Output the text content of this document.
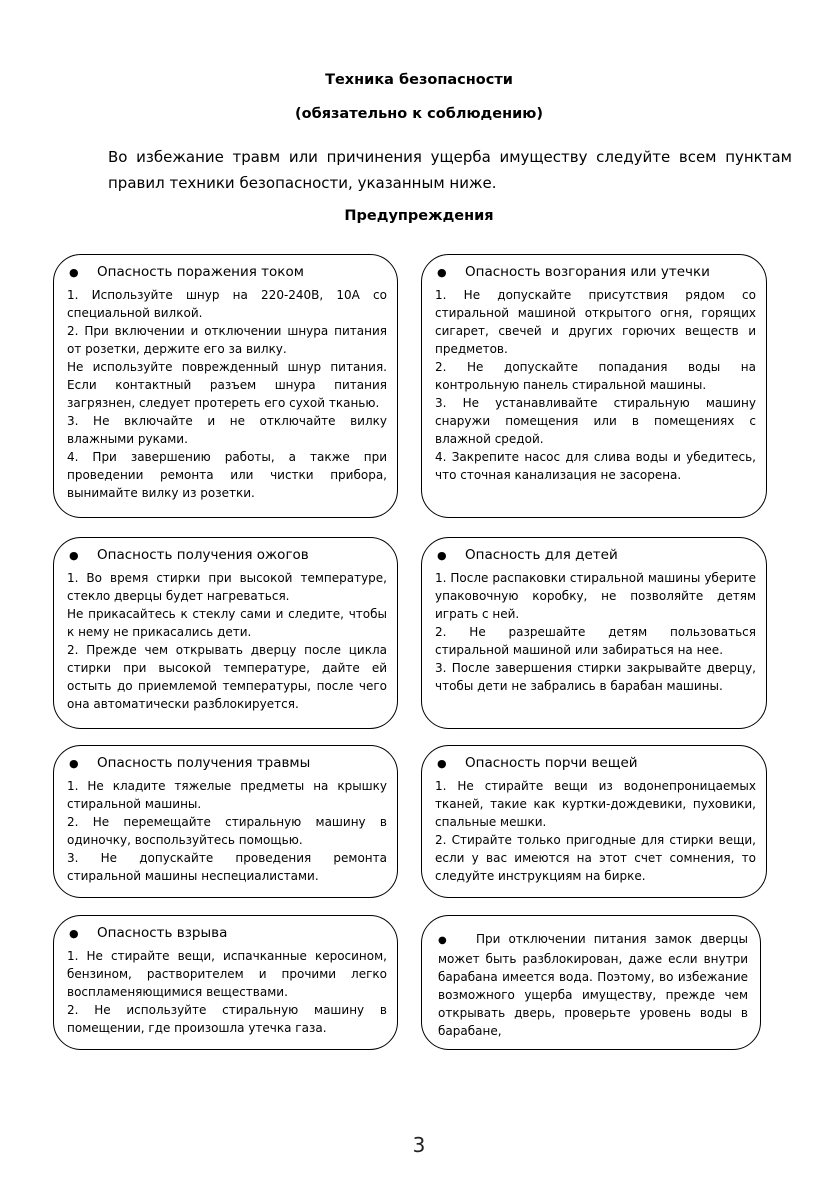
Техника безопасности
(обязательно к соблюдению)
Во избежание травм или причинения ущерба имуществу следуйте всем пунктам правил техники безопасности, указанным ниже.
Предупреждения
●	Опасность поражения током

1. Используйте шнур на 220-240В, 10А со специальной вилкой.

2. При включении и отключении шнура питания от розетки, держите его за вилку.

Не используйте поврежденный шнур питания. Если контактный разъем шнура питания загрязнен, следует протереть его сухой тканью.

3. Не включайте и не отключайте вилку влажными руками.

4. При завершению работы, а также при проведении ремонта или чистки прибора, вынимайте вилку из розетки.

●	Опасность возгорания или утечки

1. Не допускайте присутствия рядом со стиральной машиной открытого огня, горящих сигарет, свечей и других горючих веществ и предметов.

2. Не допускайте попадания воды на контрольную панель стиральной машины.

3. Не устанавливайте стиральную машину снаружи помещения или в помещениях с влажной средой.

4. Закрепите насос для слива воды и убедитесь, что сточная канализация не засорена.

●	Опасность получения ожогов

1. Во время стирки при высокой температуре, стекло дверцы будет нагреваться.

Не прикасайтесь к стеклу сами и следите, чтобы к нему не прикасались дети.

2. Прежде чем открывать дверцу после цикла стирки при высокой температуре, дайте ей остыть до приемлемой температуры, после чего она автоматически разблокируется.

●	Опасность для детей

1. После распаковки стиральной машины уберите упаковочную коробку, не позволяйте детям играть с ней.

2. Не разрешайте детям пользоваться стиральной машиной или забираться на нее.

3. После завершения стирки закрывайте дверцу, чтобы дети не забрались в барабан машины.

●	Опасность получения травмы

1. Не кладите тяжелые предметы на крышку стиральной машины.

2. Не перемещайте стиральную машину в одиночку, воспользуйтесь помощью.

3. Не допускайте проведения ремонта стиральной машины неспециалистами.

●	Опасность порчи вещей

1. Не стирайте вещи из водонепроницаемых тканей, такие как куртки-дождевики, пуховики, спальные мешки.

2. Стирайте только пригодные для стирки вещи, если у вас имеются на этот счет сомнения, то следуйте инструкциям на бирке.

●	Опасность взрыва

1. Не стирайте вещи, испачканные керосином, бензином, растворителем и прочими легко воспламеняющимися веществами.

2. Не используйте стиральную машину в помещении, где произошла утечка газа.

● При отключении питания замок дверцы может быть разблокирован, даже если внутри барабана имеется вода. Поэтому, во избежание возможного ущерба имуществу, прежде чем открывать дверь, проверьте уровень воды в барабане,

3
